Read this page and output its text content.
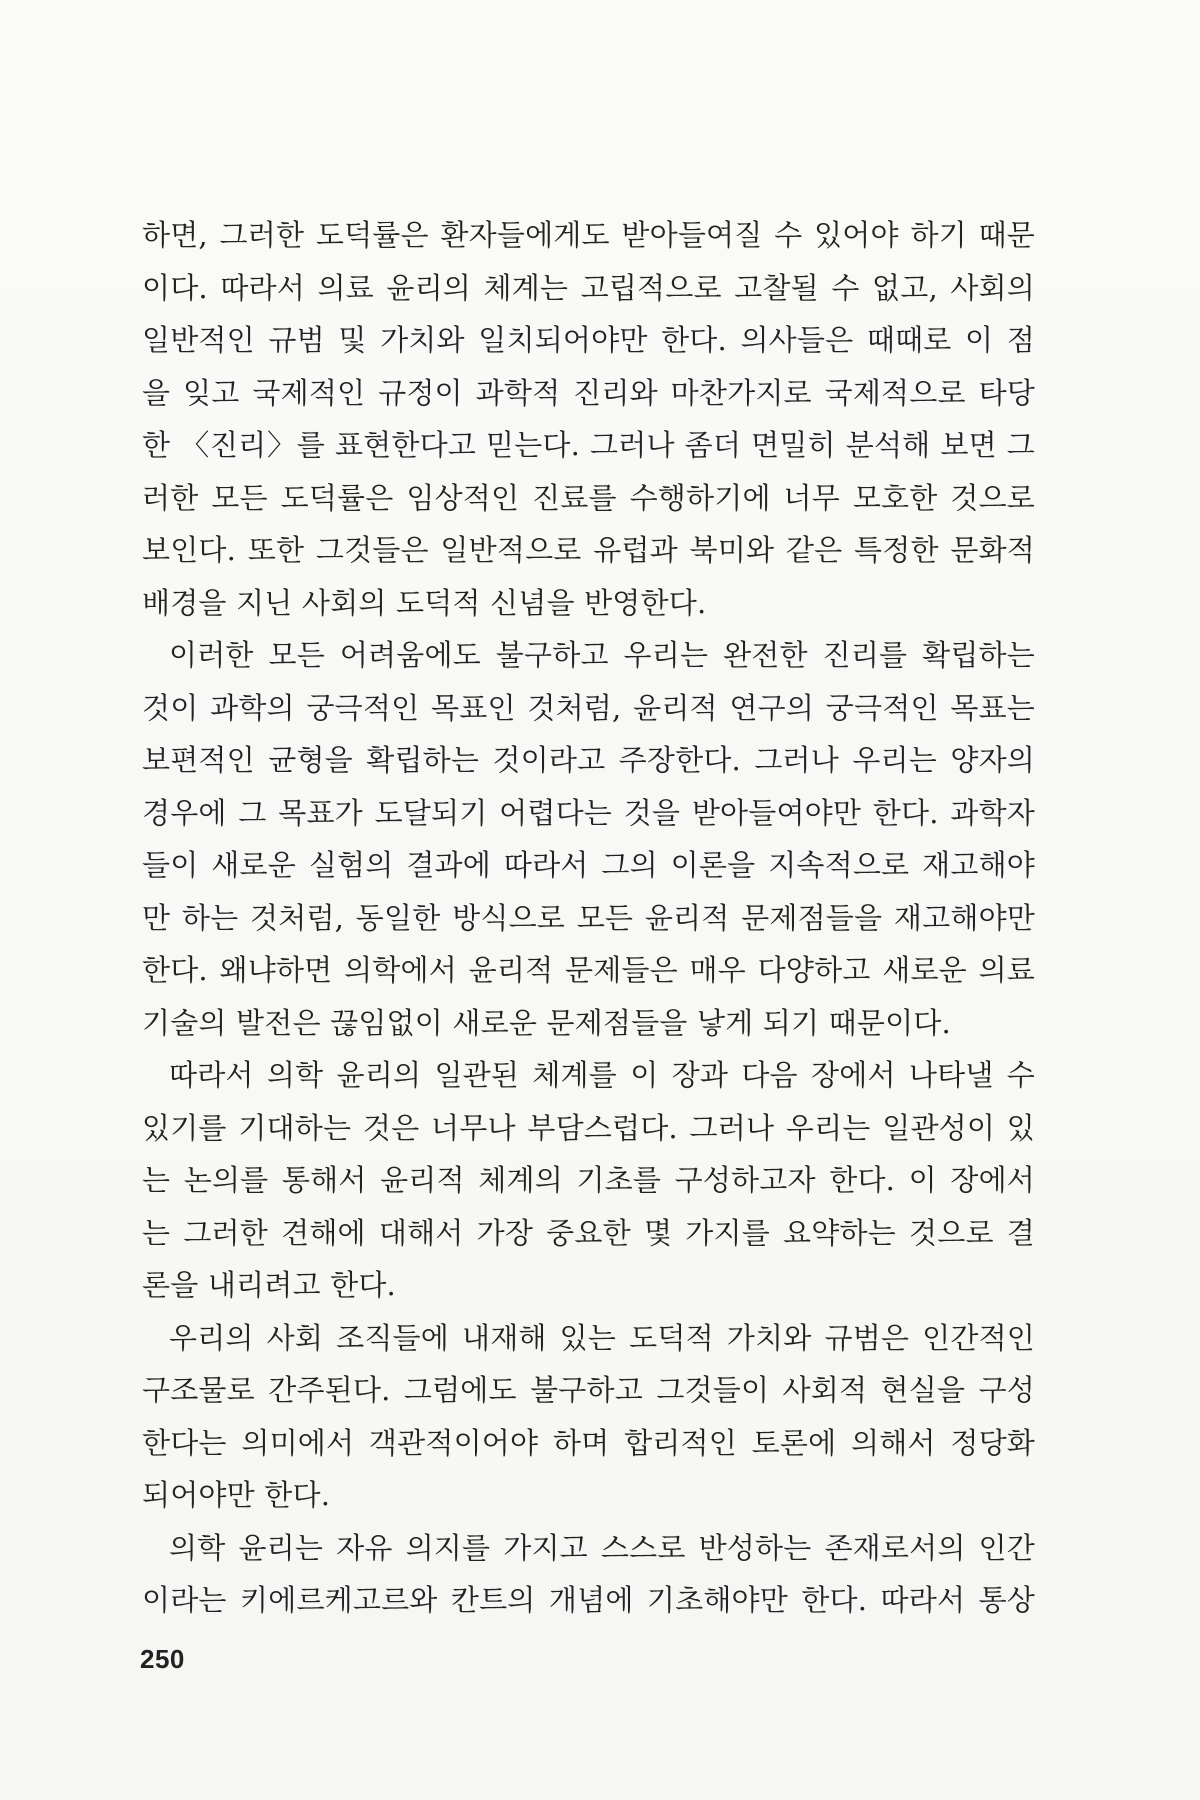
하면, 그러한 도덕률은 환자들에게도 받아들여질 수 있어야 하기 때문
이다. 따라서 의료 윤리의 체계는 고립적으로 고찰될 수 없고, 사회의
일반적인 규범 및 가치와 일치되어야만 한다. 의사들은 때때로 이 점
을 잊고 국제적인 규정이 과학적 진리와 마찬가지로 국제적으로 타당
한 〈진리〉를 표현한다고 믿는다. 그러나 좀더 면밀히 분석해 보면 그
러한 모든 도덕률은 임상적인 진료를 수행하기에 너무 모호한 것으로
보인다. 또한 그것들은 일반적으로 유럽과 북미와 같은 특정한 문화적
배경을 지닌 사회의 도덕적 신념을 반영한다.
이러한 모든 어려움에도 불구하고 우리는 완전한 진리를 확립하는
것이 과학의 궁극적인 목표인 것처럼, 윤리적 연구의 궁극적인 목표는
보편적인 균형을 확립하는 것이라고 주장한다. 그러나 우리는 양자의
경우에 그 목표가 도달되기 어렵다는 것을 받아들여야만 한다. 과학자
들이 새로운 실험의 결과에 따라서 그의 이론을 지속적으로 재고해야
만 하는 것처럼, 동일한 방식으로 모든 윤리적 문제점들을 재고해야만
한다. 왜냐하면 의학에서 윤리적 문제들은 매우 다양하고 새로운 의료
기술의 발전은 끊임없이 새로운 문제점들을 낳게 되기 때문이다.
따라서 의학 윤리의 일관된 체계를 이 장과 다음 장에서 나타낼 수
있기를 기대하는 것은 너무나 부담스럽다. 그러나 우리는 일관성이 있
는 논의를 통해서 윤리적 체계의 기초를 구성하고자 한다. 이 장에서
는 그러한 견해에 대해서 가장 중요한 몇 가지를 요약하는 것으로 결
론을 내리려고 한다.
우리의 사회 조직들에 내재해 있는 도덕적 가치와 규범은 인간적인
구조물로 간주된다. 그럼에도 불구하고 그것들이 사회적 현실을 구성
한다는 의미에서 객관적이어야 하며 합리적인 토론에 의해서 정당화
되어야만 한다.
의학 윤리는 자유 의지를 가지고 스스로 반성하는 존재로서의 인간
이라는 키에르케고르와 칸트의 개념에 기초해야만 한다. 따라서 통상
250
